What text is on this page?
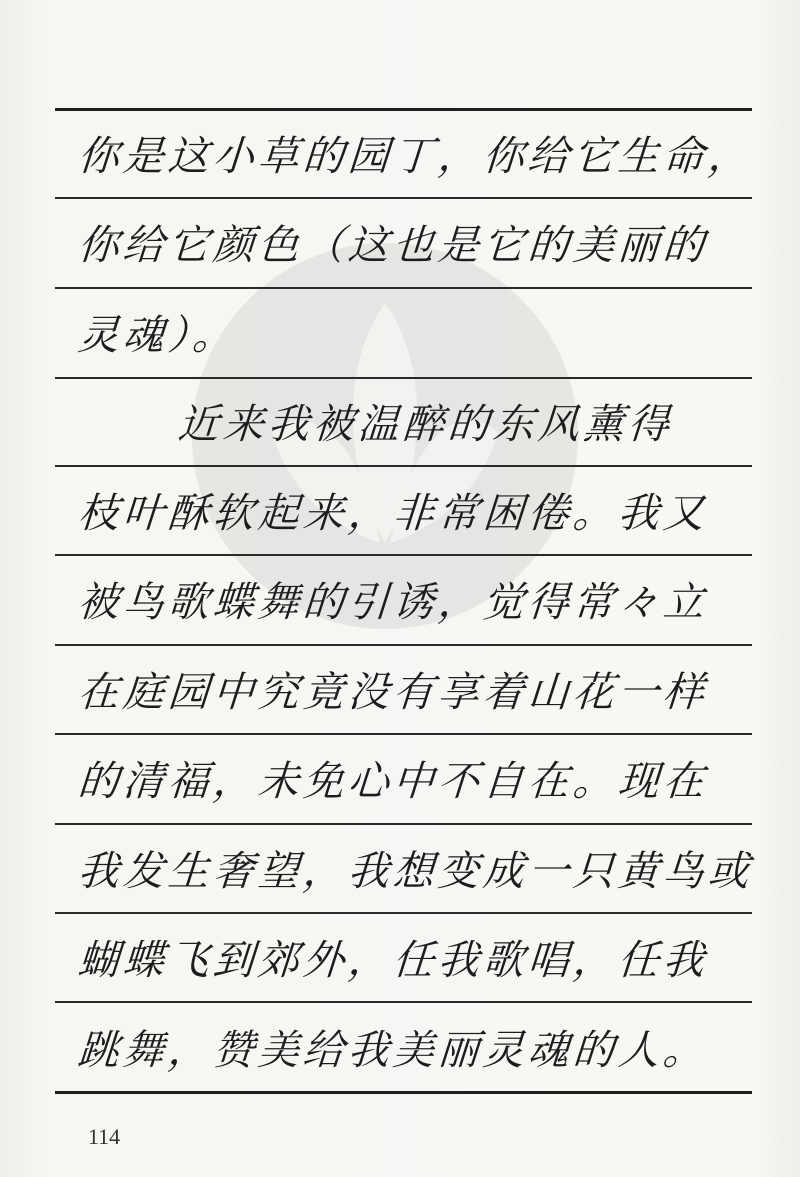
你是这小草的园丁，你给它生命，
你给它颜色（这也是它的美丽的
灵魂）。
近来我被温醉的东风薰得
枝叶酥软起来，非常困倦。我又
被鸟歌蝶舞的引诱，觉得常々立
在庭园中究竟没有享着山花一样
的清福，未免心中不自在。现在
我发生奢望，我想变成一只黄鸟或
蝴蝶飞到郊外，任我歌唱，任我
跳舞，赞美给我美丽灵魂的人。
114
